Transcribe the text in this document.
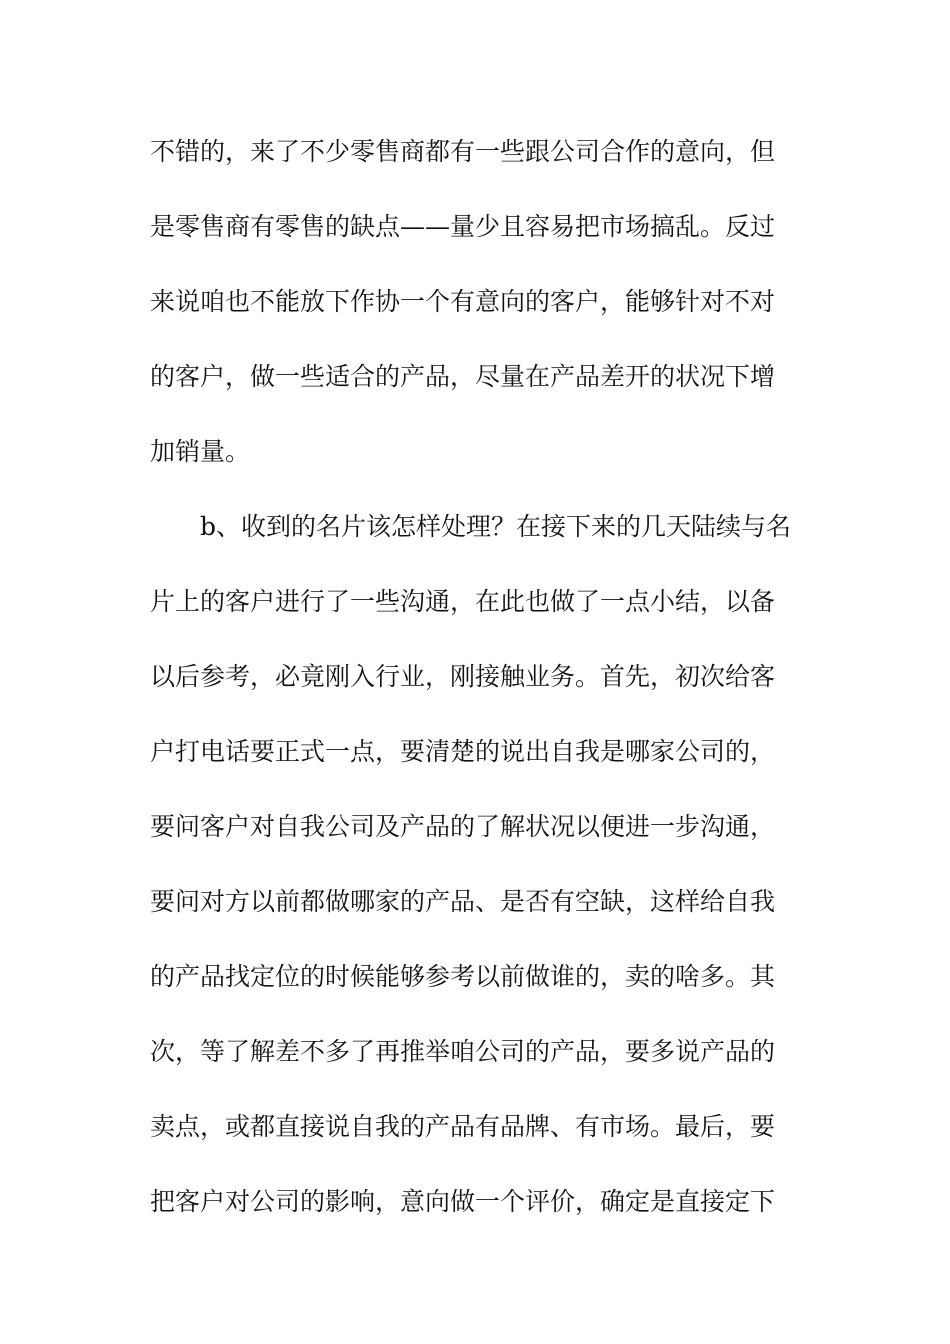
不错的，来了不少零售商都有一些跟公司合作的意向，但
是零售商有零售的缺点——量少且容易把市场搞乱。反过
来说咱也不能放下作协一个有意向的客户，能够针对不对
的客户，做一些适合的产品，尽量在产品差开的状况下增
加销量。
b、收到的名片该怎样处理？在接下来的几天陆续与名
片上的客户进行了一些沟通，在此也做了一点小结，以备
以后参考，必竟刚入行业，刚接触业务。首先，初次给客
户打电话要正式一点，要清楚的说出自我是哪家公司的，
要问客户对自我公司及产品的了解状况以便进一步沟通，
要问对方以前都做哪家的产品、是否有空缺，这样给自我
的产品找定位的时候能够参考以前做谁的，卖的啥多。其
次，等了解差不多了再推举咱公司的产品，要多说产品的
卖点，或都直接说自我的产品有品牌、有市场。最后，要
把客户对公司的影响，意向做一个评价，确定是直接定下
